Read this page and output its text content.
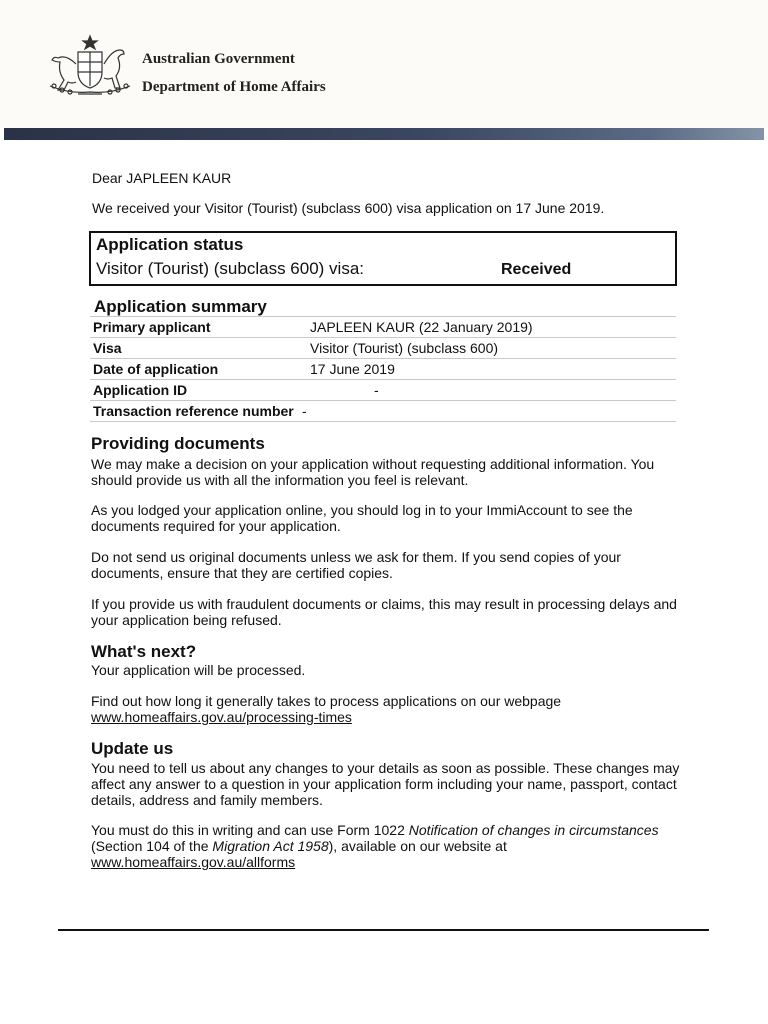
Australian Government
Department of Home Affairs
Dear JAPLEEN KAUR
We received your Visitor (Tourist) (subclass 600) visa application on 17 June 2019.
Application status
Visitor (Tourist) (subclass 600) visa:	Received
Application summary
Primary applicant	JAPLEEN KAUR (22 January 2019)
Visa	Visitor (Tourist) (subclass 600)
Date of application	17 June 2019
Application ID	-
Transaction reference number -
Providing documents
We may make a decision on your application without requesting additional information. You should provide us with all the information you feel is relevant.
As you lodged your application online, you should log in to your ImmiAccount to see the documents required for your application.
Do not send us original documents unless we ask for them. If you send copies of your documents, ensure that they are certified copies.
If you provide us with fraudulent documents or claims, this may result in processing delays and your application being refused.
What's next?
Your application will be processed.

Find out how long it generally takes to process applications on our webpage

www.homeaffairs.gov.au/processing-times
Update us
You need to tell us about any changes to your details as soon as possible. These changes may affect any answer to a question in your application form including your name, passport, contact details, address and family members.
You must do this in writing and can use Form 1022 Notification of changes in circumstances (Section 104 of the Migration Act 1958), available on our website at
www.homeaffairs.gov.au/allforms
